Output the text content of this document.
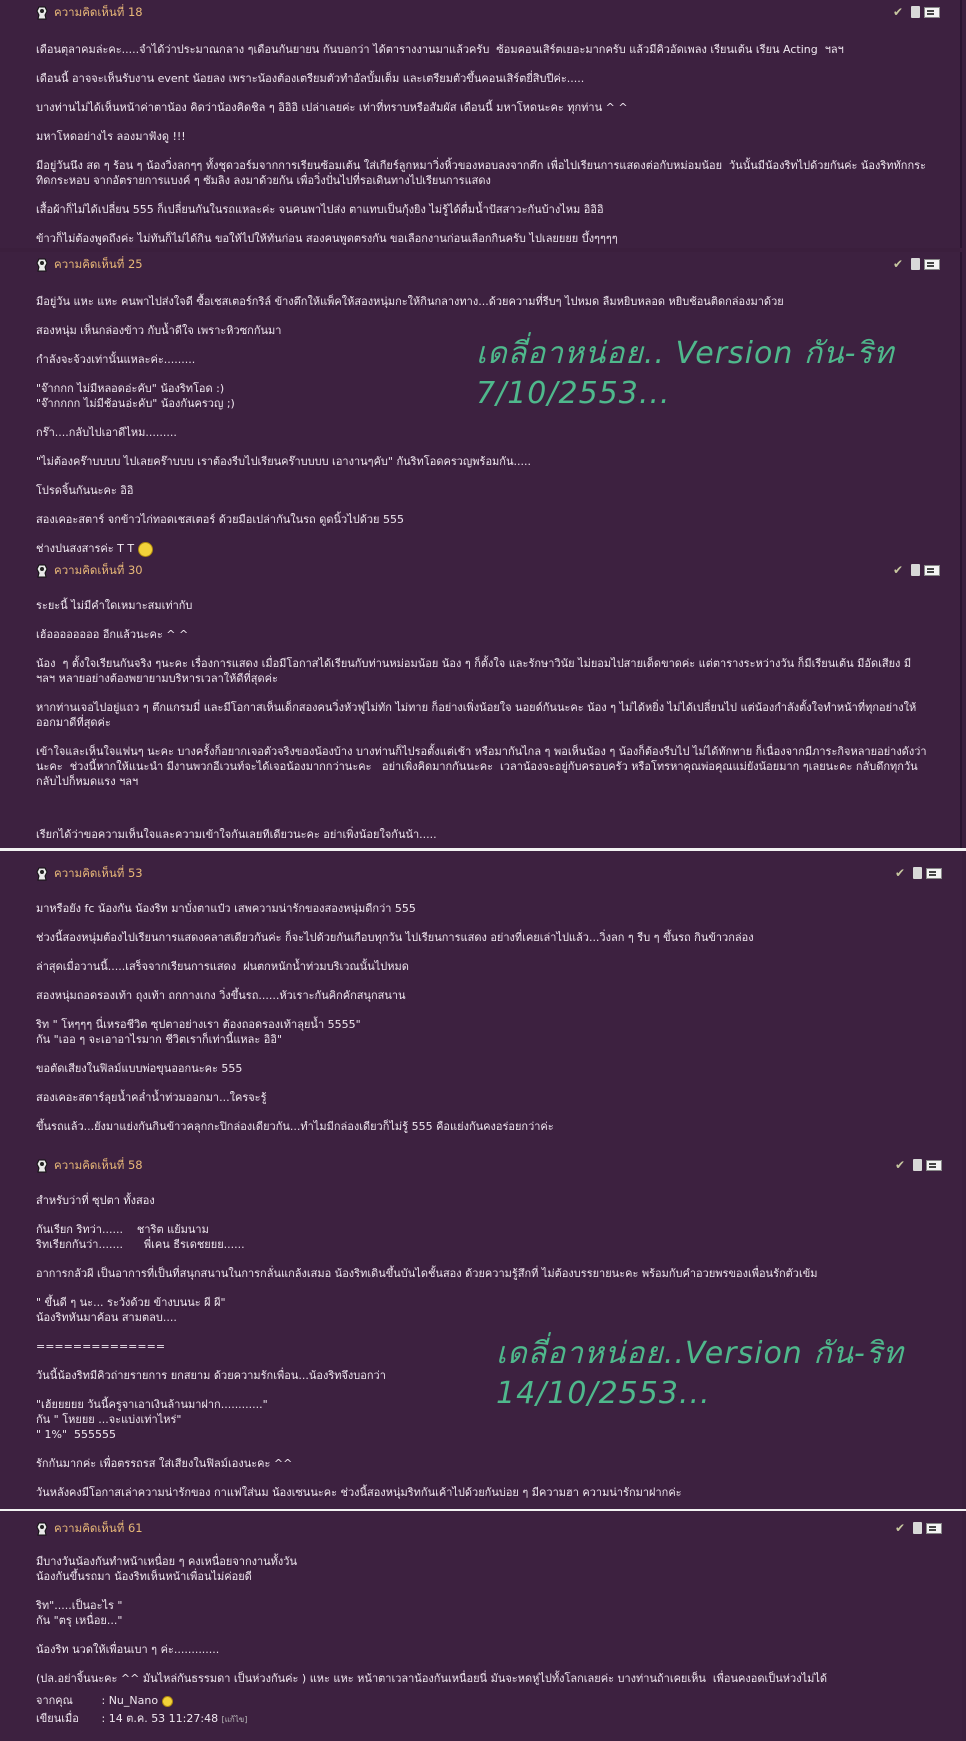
ความคิดเห็นที่ 18	✔

เดือนตุลาคมล่ะคะ.....จำได้ว่าประมาณกลาง ๆเดือนกันยายน กันบอกว่า ได้ตารางงานมาแล้วครับ  ซ้อมคอนเสิร์ตเยอะมากครับ แล้วมีคิวอัดเพลง เรียนเต้น เรียน Acting  ฯลฯ

เดือนนี้ อาจจะเห็นรับงาน event น้อยลง เพราะน้องต้องเตรียมตัวทำอัลบั้มเต็ม และเตรียมตัวขึ้นคอนเสิร์ตยี่สิบปีค่ะ.....

บางท่านไม่ได้เห็นหน้าค่าตาน้อง คิดว่าน้องคิดชิล ๆ อิอิอิ เปล่าเลยค่ะ เท่าที่ทราบหรือสัมผัส เดือนนี้ มหาโหดนะคะ ทุกท่าน ^ ^

มหาโหดอย่างไร ลองมาฟังดู !!!

มีอยู่วันนึง สด ๆ ร้อน ๆ น้องวิ่งลกๆๆ ทั้งชุดวอร์มจากการเรียนซ้อมเต้น ใส่เกียร์ลูกหมาวิ่งหิ้วของหอบลงจากตึก เพื่อไปเรียนการแสดงต่อกับหม่อมน้อย  วันนั้นมีน้องริทไปด้วยกันค่ะ น้องริททักกระทิดกระหอบ จากอัตรายการแบงค์ ๆ ซัมลิง ลงมาด้วยกัน เพื่อวิ่งปั่นไปที่รอเดินทางไปเรียนการแสดง

เสื้อผ้าก็ไม่ได้เปลี่ยน 555 ก็เปลี่ยนกันในรถแหละค่ะ จนคนพาไปส่ง ตาแทบเป็นกุ้งยิง ไม่รู้ได้ดื่มน้ำปัสสาวะกันบ้างไหม อิอิอิ

ข้าวก็ไม่ต้องพูดถึงค่ะ ไม่ทันก็ไม่ได้กิน ขอให้ไปให้ทันก่อน สองคนพูดตรงกัน ขอเลือกงานก่อนเลือกกินครับ ไปเลยยยย บึ้งๆๆๆๆ

ความคิดเห็นที่ 25	✔

มีอยู่วัน แหะ แหะ คนพาไปส่งใจดี ซื้อเชสเตอร์กริล์ ข้างตึกให้แพ็คให้สองหนุ่มกะให้กินกลางทาง...ด้วยความที่รีบๆ ไปหมด ลืมหยิบหลอด หยิบช้อนติดกล่องมาด้วย

สองหนุ่ม เห็นกล่องข้าว กับน้ำดีใจ เพราะหิวซกกันมา

กำลังจะจ้วงเท่านั้นแหละค่ะ.........

"จ๊ากกก ไม่มีหลอดอ่ะคับ" น้องริทโอด :)
"จ๊ากกกก ไม่มีช้อนอ่ะคับ" น้องกันครวญ ;)

กร๊า....กลับไปเอาดีไหม.........

"ไม่ต้องคร๊าบบบบ ไปเลยคร๊าบบบ เราต้องรีบไปเรียนคร๊าบบบบ เอางานๆคับ" กันริทโอดครวญพร้อมกัน.....

โปรดจิ้นกันนะคะ อิอิ

สองเคอะสตาร์ จกข้าวไก่ทอดเชสเตอร์ ด้วยมือเปล่ากันในรถ ดูดนิ้วไปด้วย 555

ช่างปนสงสารค่ะ T T

ความคิดเห็นที่ 30	✔

ระยะนี้ ไม่มีคำใดเหมาะสมเท่ากับ

เฮ้ออออออออ อีกแล้วนะคะ ^ ^

น้อง  ๆ ตั้งใจเรียนกันจริง ๆนะคะ เรื่องการแสดง เมื่อมีโอกาสได้เรียนกับท่านหม่อมน้อย น้อง ๆ ก็ตั้งใจ และรักษาวินัย ไม่ยอมไปสายเด็ดขาดค่ะ แต่ตารางระหว่างวัน ก็มีเรียนเต้น มีอัดเสียง มี ฯลฯ หลายอย่างต้องพยายามบริหารเวลาให้ดีที่สุดค่ะ

หากท่านเจอไปอยู่แถว ๆ ตึกแกรมมี่ และมีโอกาสเห็นเด็กสองคนวิ่งหัวฟูไม่ทัก ไม่ทาย ก็อย่างเพิ่งน้อยใจ นอยด์กันนะคะ น้อง ๆ ไม่ได้หยิ่ง ไม่ได้เปลี่ยนไป แต่น้องกำลังตั้งใจทำหน้าที่ทุกอย่างให้ออกมาดีที่สุดค่ะ

เข้าใจและเห็นใจแฟนๆ นะคะ บางครั้งก็อยากเจอตัวจริงของน้องบ้าง บางท่านก็ไปรอตั้งแต่เช้า หรือมากันไกล ๆ พอเห็นน้อง ๆ น้องก็ต้องรีบไป ไม่ได้ทักทาย ก็เนื่องจากมีภาระกิจหลายอย่างดังว่านะคะ  ช่วงนี้หากให้แนะนำ มีงานพวกอีเวนท์จะได้เจอน้องมากกว่านะคะ   อย่าเพิ่งคิดมากกันนะคะ  เวลาน้องจะอยู่กับครอบครัว หรือโทรหาคุณพ่อคุณแม่ยังน้อยมาก ๆเลยนะคะ กลับดึกทุกวัน กลับไปก็หมดแรง ฯลฯ

เรียกได้ว่าขอความเห็นใจและความเข้าใจกันเลยทีเดียวนะคะ อย่าเพิ่งน้อยใจกันน้า.....

ความคิดเห็นที่ 53	✔

มาหรือยัง fc น้องกัน น้องริท มาบั่งตาแป๋ว เสพความน่ารักของสองหนุ่มดีกว่า 555

ช่วงนี้สองหนุ่มต้องไปเรียนการแสดงคลาสเดียวกันค่ะ ก็จะไปด้วยกันเกือบทุกวัน ไปเรียนการแสดง อย่างที่เคยเล่าไปแล้ว...วิ่งลก ๆ รีบ ๆ ขึ้นรถ กินข้าวกล่อง

ล่าสุดเมื่อวานนี้.....เสร็จจากเรียนการแสดง  ฝนตกหนักน้ำท่วมบริเวณนั้นไปหมด

สองหนุ่มถอดรองเท้า ถุงเท้า ถกกางเกง วิ่งขึ้นรถ......หัวเราะกันคิกคักสนุกสนาน

ริท " โหๆๆๆ นี่เหรอชีวิต ซุปตาอย่างเรา ต้องถอดรองเท้าลุยน้ำ 5555"
กัน "เออ ๆ จะเอาอาไรมาก ชีวิตเราก็เท่านี้แหละ อิอิ"

ขอตัดเสียงในฟิลม์แบบพ่อขุนออกนะคะ 555

สองเคอะสตาร์ลุยน้ำคล่ำน้ำท่วมออกมา...ใครจะรู้

ขึ้นรถแล้ว...ยังมาแย่งกันกินข้าวคลุกกะปิกล่องเดียวกัน...ทำไมมีกล่องเดียวก็ไม่รู้ 555 คือแย่งกันคงอร่อยกว่าค่ะ

ความคิดเห็นที่ 58	✔

สำหรับว่าที่ ซุปตา ทั้งสอง

กันเรียก ริทว่า......    ชาริต แย้มนาม
ริทเรียกกันว่า.......      พี่เคน ธีรเดชยยย......

อาการกลัวผี เป็นอาการที่เป็นที่สนุกสนานในการกลั่นแกล้งเสมอ น้องริทเดินขึ้นบันไดชั้นสอง ด้วยความรู้สึกที่ ไม่ต้องบรรยายนะคะ พร้อมกับคำอวยพรของเพื่อนรักตัวเข้ม

" ขึ้นดี ๆ นะ... ระวังด้วย ข้างบนนะ ผี ผี"
น้องริทหันมาค้อน สามตลบ....

==============

วันนี้น้องริทมีคิวถ่ายรายการ ยกสยาม ด้วยความรักเพื่อน...น้องริทจึงบอกว่า

"เฮ้ยยยยย วันนี้ครูจาเอาเงินล้านมาฝาก............"
กัน " โหยยย ...จะแบ่งเท่าไหร่"
" 1%"  555555

รักกันมากค่ะ เพื่อตรรถรส ใส่เสียงในฟิลม์เองนะคะ ^^

วันหลังคงมีโอกาสเล่าความน่ารักของ กาแฟใส่นม น้องเซนนะคะ ช่วงนี้สองหนุ่มริทกันเค้าไปด้วยกันบ่อย ๆ มีความฮา ความน่ารักมาฝากค่ะ

ความคิดเห็นที่ 61	✔

มีบางวันน้องกันทำหน้าเหนื่อย ๆ คงเหนื่อยจากงานทั้งวัน
น้องกันขึ้นรถมา น้องริทเห็นหน้าเพื่อนไม่ค่อยดี

ริท".....เป็นอะไร "
กัน "ตรุ เหนื่อย..."

น้องริท นวดให้เพื่อนเบา ๆ ค่ะ.............

(ปล.อย่าจิ้นนะคะ ^^ มันไหล่กันธรรมดา เป็นห่วงกันค่ะ ) แหะ แหะ หน้าตาเวลาน้องกันเหนื่อยนี่ มันจะหดหู่ไปทั้งโลกเลยค่ะ บางท่านถ้าเคยเห็น  เพื่อนคงอดเป็นห่วงไม่ได้

จากคุณ	: Nu_Nano
เขียนเมื่อ : 14 ต.ค. 53 11:27:48 [แก้ไข]
เดลี่อาหน่อย.. Version กัน-ริท
7/10/2553...
เดลี่อาหน่อย..Version กัน-ริท
14/10/2553...
